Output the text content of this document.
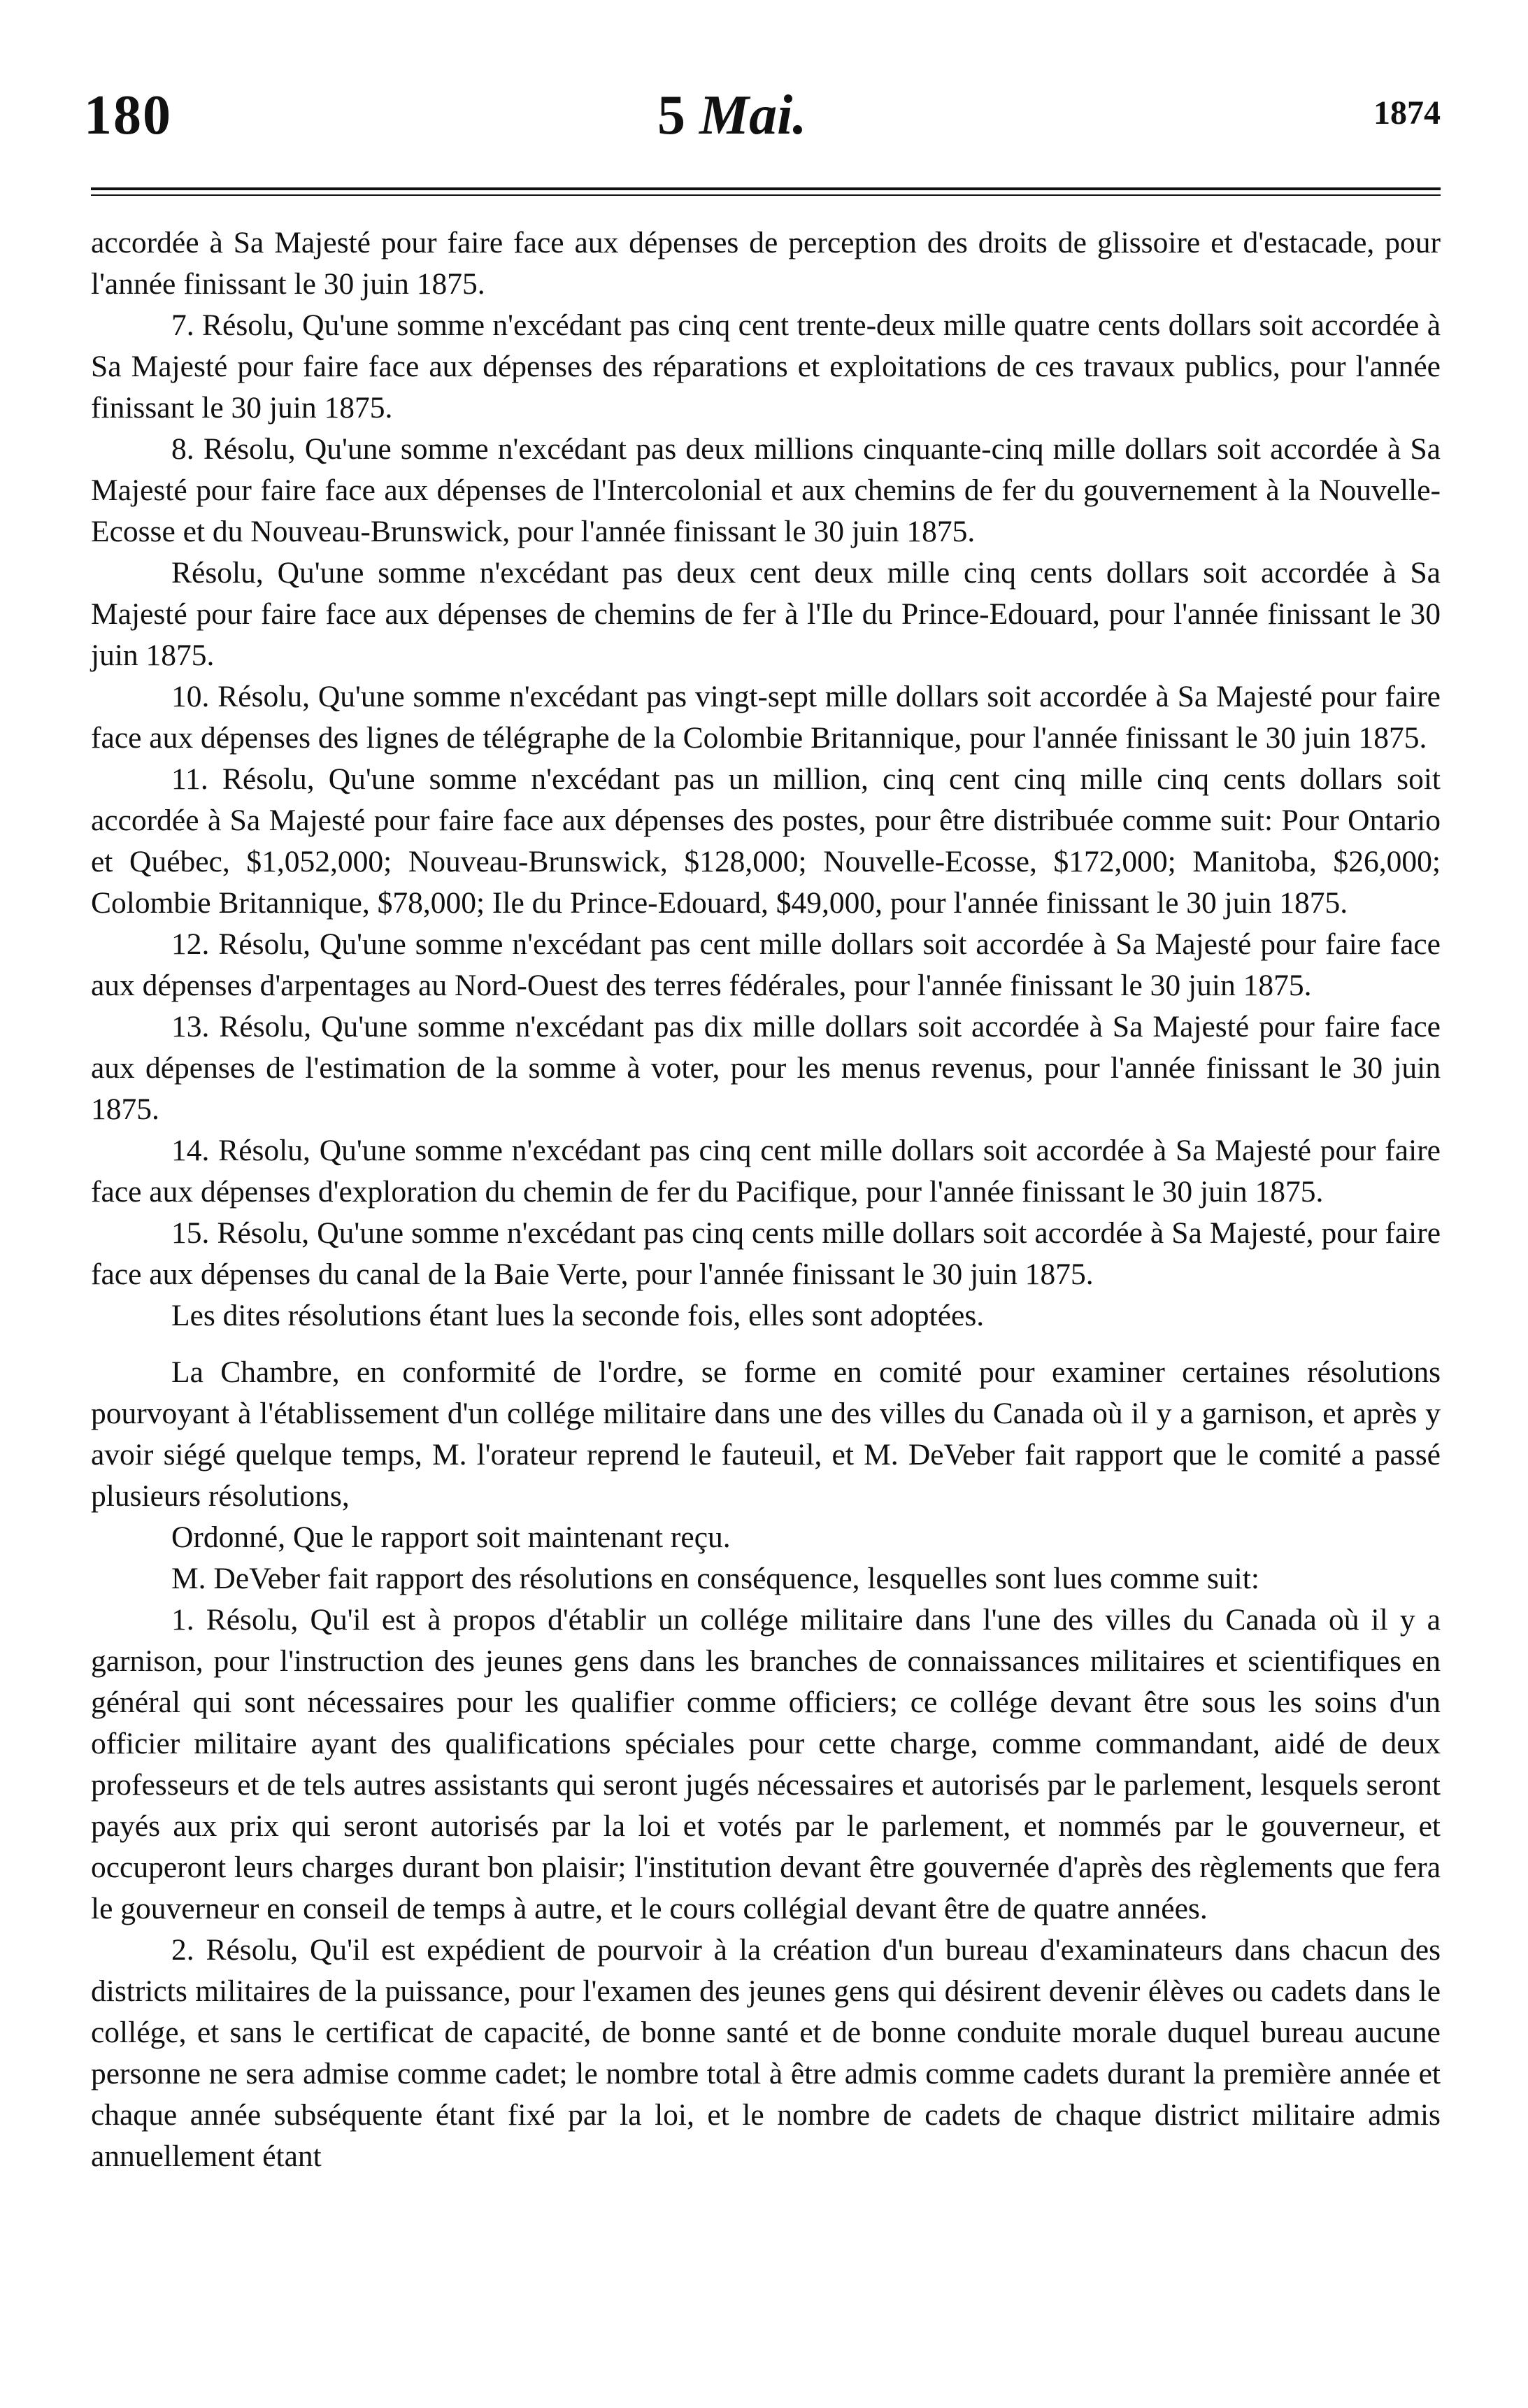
180	5 Mai.	1874

accordée à Sa Majesté pour faire face aux dépenses de perception des droits de glissoire et d'estacade, pour l'année finissant le 30 juin 1875.

7. Résolu, Qu'une somme n'excédant pas cinq cent trente-deux mille quatre cents dollars soit accordée à Sa Majesté pour faire face aux dépenses des réparations et exploitations de ces travaux publics, pour l'année finissant le 30 juin 1875.

8. Résolu, Qu'une somme n'excédant pas deux millions cinquante-cinq mille dollars soit accordée à Sa Majesté pour faire face aux dépenses de l'Intercolonial et aux chemins de fer du gouvernement à la Nouvelle-Ecosse et du Nouveau-Brunswick, pour l'année finissant le 30 juin 1875.

Résolu, Qu'une somme n'excédant pas deux cent deux mille cinq cents dollars soit accordée à Sa Majesté pour faire face aux dépenses de chemins de fer à l'Ile du Prince-Edouard, pour l'année finissant le 30 juin 1875.

10. Résolu, Qu'une somme n'excédant pas vingt-sept mille dollars soit accordée à Sa Majesté pour faire face aux dépenses des lignes de télégraphe de la Colombie Britannique, pour l'année finissant le 30 juin 1875.

11. Résolu, Qu'une somme n'excédant pas un million, cinq cent cinq mille cinq cents dollars soit accordée à Sa Majesté pour faire face aux dépenses des postes, pour être distribuée comme suit: Pour Ontario et Québec, $1,052,000; Nouveau-Brunswick, $128,000; Nouvelle-Ecosse, $172,000; Manitoba, $26,000; Colombie Britannique, $78,000; Ile du Prince-Edouard, $49,000, pour l'année finissant le 30 juin 1875.

12. Résolu, Qu'une somme n'excédant pas cent mille dollars soit accordée à Sa Majesté pour faire face aux dépenses d'arpentages au Nord-Ouest des terres fédérales, pour l'année finissant le 30 juin 1875.

13. Résolu, Qu'une somme n'excédant pas dix mille dollars soit accordée à Sa Majesté pour faire face aux dépenses de l'estimation de la somme à voter, pour les menus revenus, pour l'année finissant le 30 juin 1875.

14. Résolu, Qu'une somme n'excédant pas cinq cent mille dollars soit accordée à Sa Majesté pour faire face aux dépenses d'exploration du chemin de fer du Pacifique, pour l'année finissant le 30 juin 1875.

15. Résolu, Qu'une somme n'excédant pas cinq cents mille dollars soit accordée à Sa Majesté, pour faire face aux dépenses du canal de la Baie Verte, pour l'année finissant le 30 juin 1875.

Les dites résolutions étant lues la seconde fois, elles sont adoptées.

La Chambre, en conformité de l'ordre, se forme en comité pour examiner certaines résolutions pourvoyant à l'établissement d'un collége militaire dans une des villes du Canada où il y a garnison, et après y avoir siégé quelque temps, M. l'orateur reprend le fauteuil, et M. DeVeber fait rapport que le comité a passé plusieurs résolutions,

Ordonné, Que le rapport soit maintenant reçu.

M. DeVeber fait rapport des résolutions en conséquence, lesquelles sont lues comme suit:

1. Résolu, Qu'il est à propos d'établir un collége militaire dans l'une des villes du Canada où il y a garnison, pour l'instruction des jeunes gens dans les branches de connaissances militaires et scientifiques en général qui sont nécessaires pour les qualifier comme officiers; ce collége devant être sous les soins d'un officier militaire ayant des qualifications spéciales pour cette charge, comme commandant, aidé de deux professeurs et de tels autres assistants qui seront jugés nécessaires et autorisés par le parlement, lesquels seront payés aux prix qui seront autorisés par la loi et votés par le parlement, et nommés par le gouverneur, et occuperont leurs charges durant bon plaisir; l'institution devant être gouvernée d'après des règlements que fera le gouverneur en conseil de temps à autre, et le cours collégial devant être de quatre années.

2. Résolu, Qu'il est expédient de pourvoir à la création d'un bureau d'examinateurs dans chacun des districts militaires de la puissance, pour l'examen des jeunes gens qui désirent devenir élèves ou cadets dans le collége, et sans le certificat de capacité, de bonne santé et de bonne conduite morale duquel bureau aucune personne ne sera admise comme cadet; le nombre total à être admis comme cadets durant la première année et chaque année subséquente étant fixé par la loi, et le nombre de cadets de chaque district militaire admis annuellement étant
